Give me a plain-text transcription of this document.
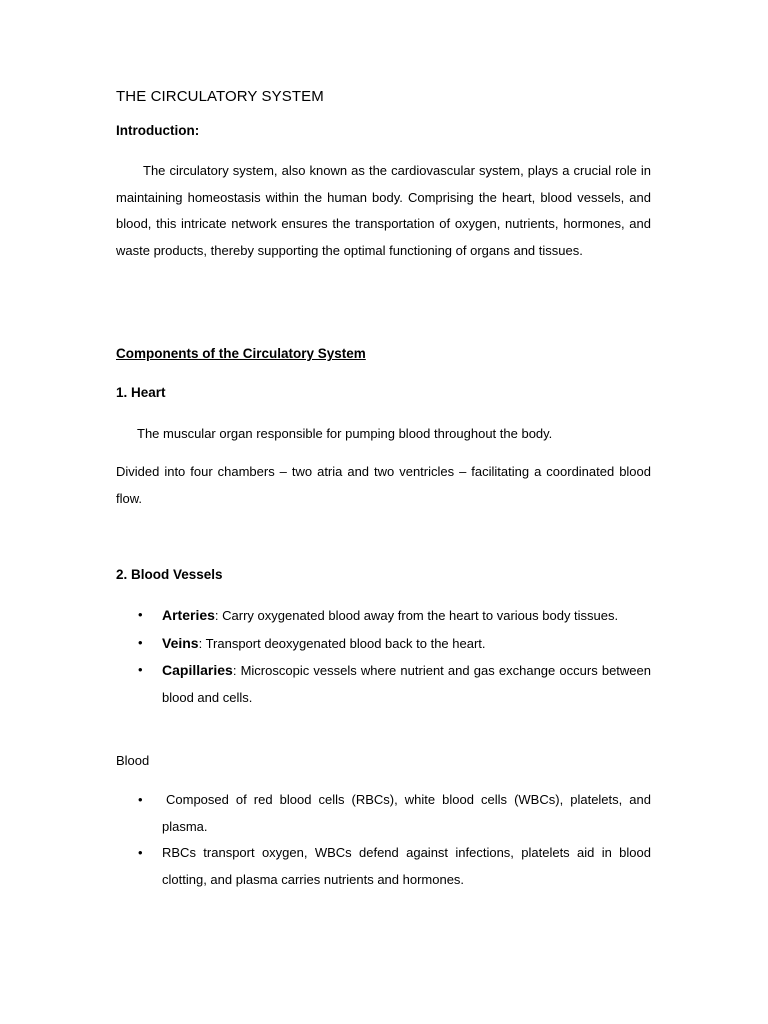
THE CIRCULATORY SYSTEM
Introduction:

The circulatory system, also known as the cardiovascular system, plays a crucial role in maintaining homeostasis within the human body. Comprising the heart, blood vessels, and blood, this intricate network ensures the transportation of oxygen, nutrients, hormones, and waste products, thereby supporting the optimal functioning of organs and tissues.

Components of the Circulatory System
1. Heart

The muscular organ responsible for pumping blood throughout the body.

Divided into four chambers – two atria and two ventricles – facilitating a coordinated blood flow.

2. Blood Vessels
• Arteries: Carry oxygenated blood away from the heart to various body tissues.
• Veins: Transport deoxygenated blood back to the heart.
• Capillaries: Microscopic vessels where nutrient and gas exchange occurs between blood and cells.
Blood
• Composed of red blood cells (RBCs), white blood cells (WBCs), platelets, and plasma.
• RBCs transport oxygen, WBCs defend against infections, platelets aid in blood clotting, and plasma carries nutrients and hormones.
